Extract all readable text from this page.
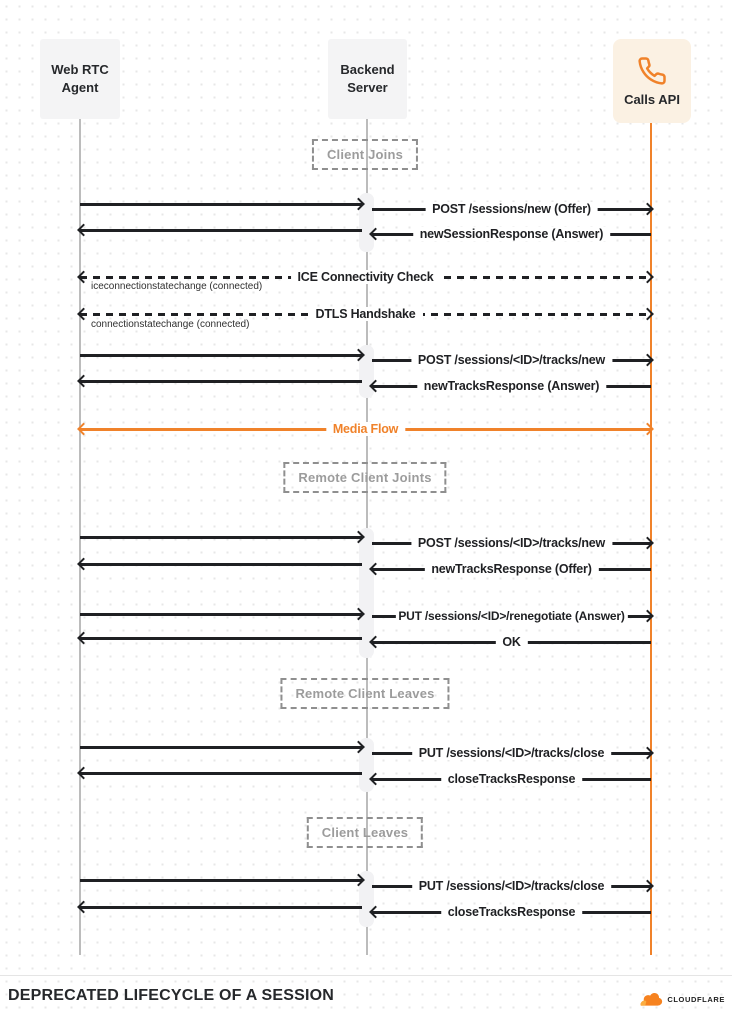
Web RTC Agent
Backend Server
Calls API
Client Joins
Remote Client Joints
Remote Client Leaves
Client Leaves
POST /sessions/new (Offer)
newSessionResponse (Answer)
ICE Connectivity Check
iceconnectionstatechange (connected)
DTLS Handshake
connectionstatechange (connected)
POST /sessions/<ID>/tracks/new
newTracksResponse (Answer)
Media Flow
POST /sessions/<ID>/tracks/new
newTracksResponse (Offer)
PUT /sessions/<ID>/renegotiate (Answer)
OK
PUT /sessions/<ID>/tracks/close
closeTracksResponse
PUT /sessions/<ID>/tracks/close
closeTracksResponse
DEPRECATED LIFECYCLE OF A SESSION	CLOUDFLARE
